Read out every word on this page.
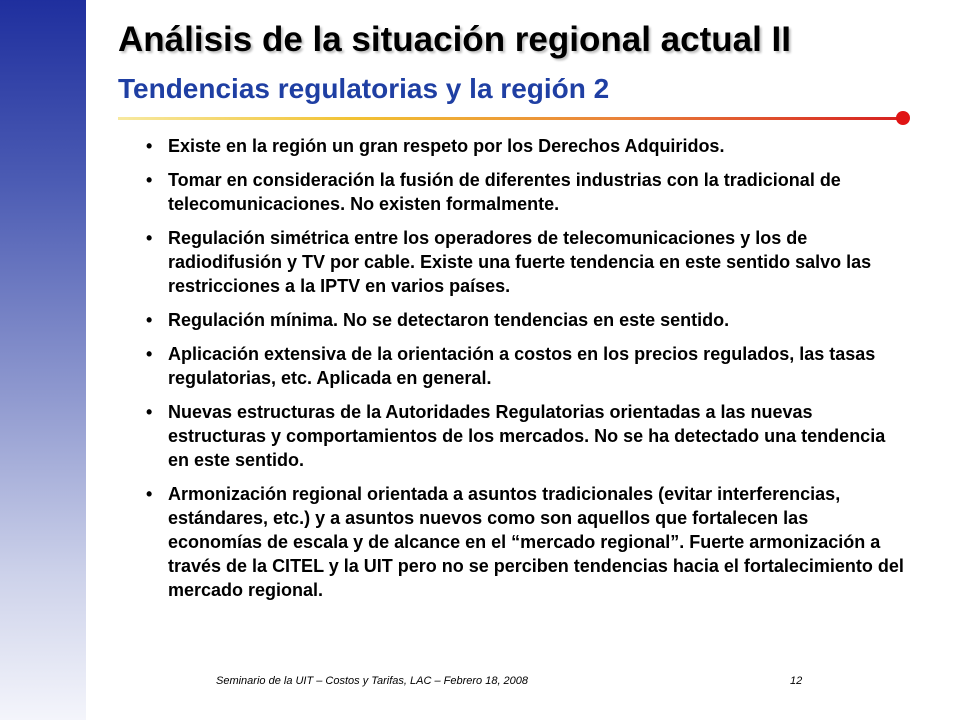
Análisis de la situación regional actual II
Tendencias regulatorias y la región 2
• Existe en la región un gran respeto por los Derechos Adquiridos.
• Tomar en consideración la fusión de diferentes industrias con la tradicional de telecomunicaciones. No existen formalmente.
• Regulación simétrica entre los operadores de telecomunicaciones y los de radiodifusión y TV por cable. Existe una fuerte tendencia en este sentido salvo las restricciones a la IPTV en varios países.
• Regulación mínima. No se detectaron tendencias en este sentido.
• Aplicación extensiva de la orientación a costos en los precios regulados, las tasas regulatorias, etc. Aplicada en general.
• Nuevas estructuras de la Autoridades Regulatorias orientadas a las nuevas estructuras y comportamientos de los mercados. No se ha detectado una tendencia en este sentido.
• Armonización regional orientada a asuntos tradicionales (evitar interferencias, estándares, etc.) y a asuntos nuevos como son aquellos que fortalecen las economías de escala y de alcance en el “mercado regional”. Fuerte armonización a través de la CITEL y la UIT pero no se perciben tendencias hacia el fortalecimiento del mercado regional.
Seminario de la UIT – Costos y Tarifas, LAC – Febrero 18, 2008	12
